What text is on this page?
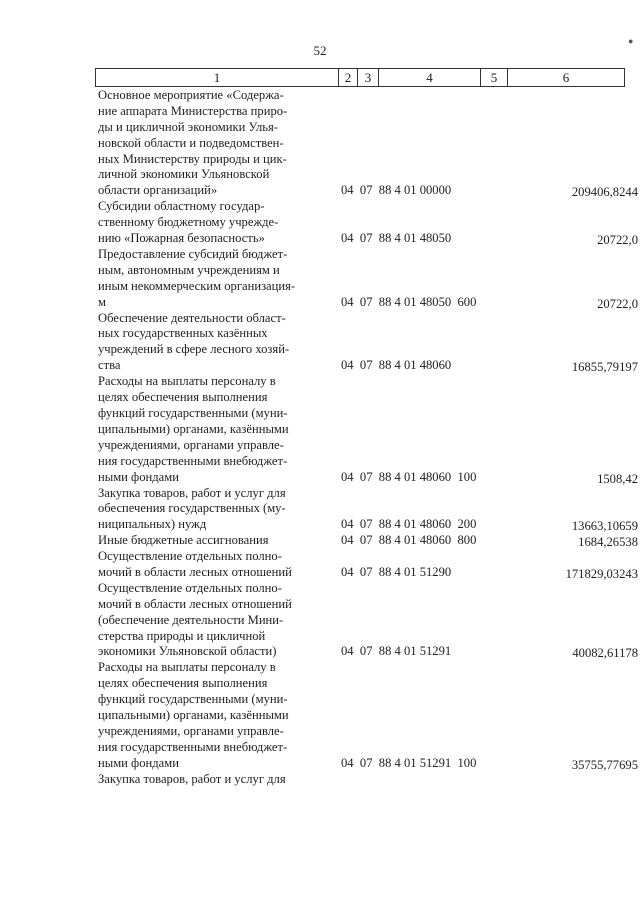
●
52
1	2	3	4	5	6
Основное мероприятие «Содержа-
ние аппарата Министерства приро-
ды и цикличной экономики Улья-
новской области и подведомствен-
ных Министерству природы и цик-
личной экономики Ульяновской
области организаций»	04  07  88 4 01 00000	209406,8244
Субсидии областному государ-
ственному бюджетному учрежде-
нию «Пожарная безопасность»	04  07  88 4 01 48050	20722,0
Предоставление субсидий бюджет-
ным, автономным учреждениям и
иным некоммерческим организация-
м	04  07  88 4 01 48050  600	20722,0
Обеспечение деятельности област-
ных государственных казённых
учреждений в сфере лесного хозяй-
ства	04  07  88 4 01 48060	16855,79197
Расходы на выплаты персоналу в
целях обеспечения выполнения
функций государственными (муни-
ципальными) органами, казёнными
учреждениями, органами управле-
ния государственными внебюджет-
ными фондами	04  07  88 4 01 48060  100	1508,42
Закупка товаров, работ и услуг для
обеспечения государственных (му-
ниципальных) нужд	04  07  88 4 01 48060  200	13663,10659
Иные бюджетные ассигнования	04  07  88 4 01 48060  800	1684,26538
Осуществление отдельных полно-
мочий в области лесных отношений	04  07  88 4 01 51290	171829,03243
Осуществление отдельных полно-
мочий в области лесных отношений
(обеспечение деятельности Мини-
стерства природы и цикличной
экономики Ульяновской области)	04  07  88 4 01 51291	40082,61178
Расходы на выплаты персоналу в
целях обеспечения выполнения
функций государственными (муни-
ципальными) органами, казёнными
учреждениями, органами управле-
ния государственными внебюджет-
ными фондами	04  07  88 4 01 51291  100	35755,77695
Закупка товаров, работ и услуг для
